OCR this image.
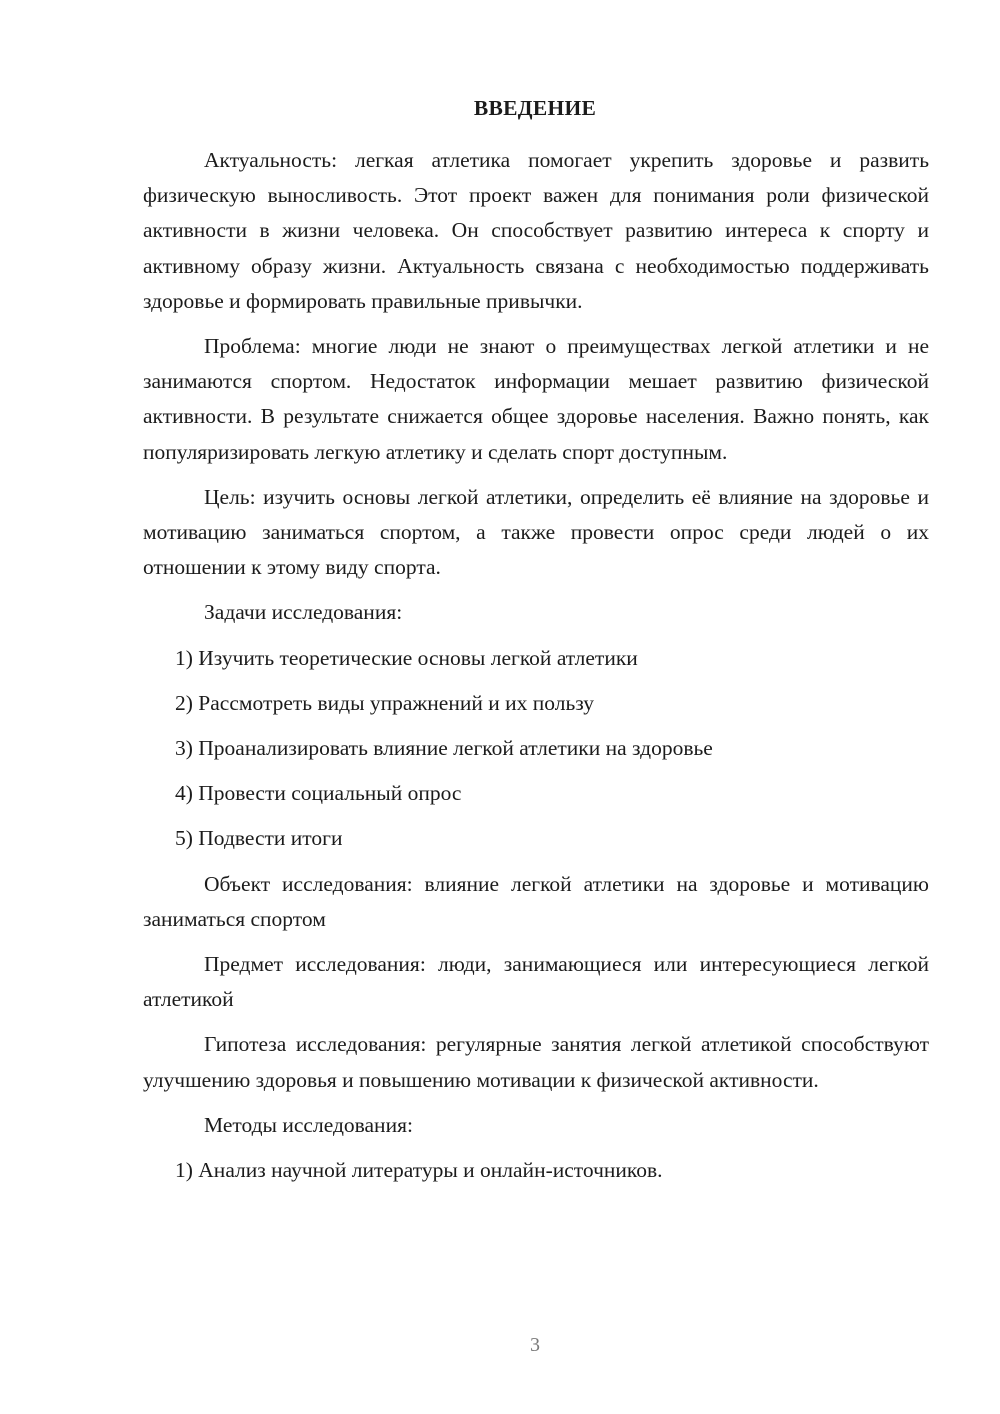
ВВЕДЕНИЕ

Актуальность: легкая атлетика помогает укрепить здоровье и развить физическую выносливость. Этот проект важен для понимания роли физической активности в жизни человека. Он способствует развитию интереса к спорту и активному образу жизни. Актуальность связана с необходимостью поддерживать здоровье и формировать правильные привычки.

Проблема: многие люди не знают о преимуществах легкой атлетики и не занимаются спортом. Недостаток информации мешает развитию физической активности. В результате снижается общее здоровье населения. Важно понять, как популяризировать легкую атлетику и сделать спорт доступным.

Цель: изучить основы легкой атлетики, определить её влияние на здоровье и мотивацию заниматься спортом, а также провести опрос среди людей о их отношении к этому виду спорта.

Задачи исследования:

1) Изучить теоретические основы легкой атлетики

2) Рассмотреть виды упражнений и их пользу

3) Проанализировать влияние легкой атлетики на здоровье

4) Провести социальный опрос

5) Подвести итоги

Объект исследования: влияние легкой атлетики на здоровье и мотивацию заниматься спортом

Предмет исследования: люди, занимающиеся или интересующиеся легкой атлетикой

Гипотеза исследования: регулярные занятия легкой атлетикой способствуют улучшению здоровья и повышению мотивации к физической активности.

Методы исследования:

1) Анализ научной литературы и онлайн-источников.

3
